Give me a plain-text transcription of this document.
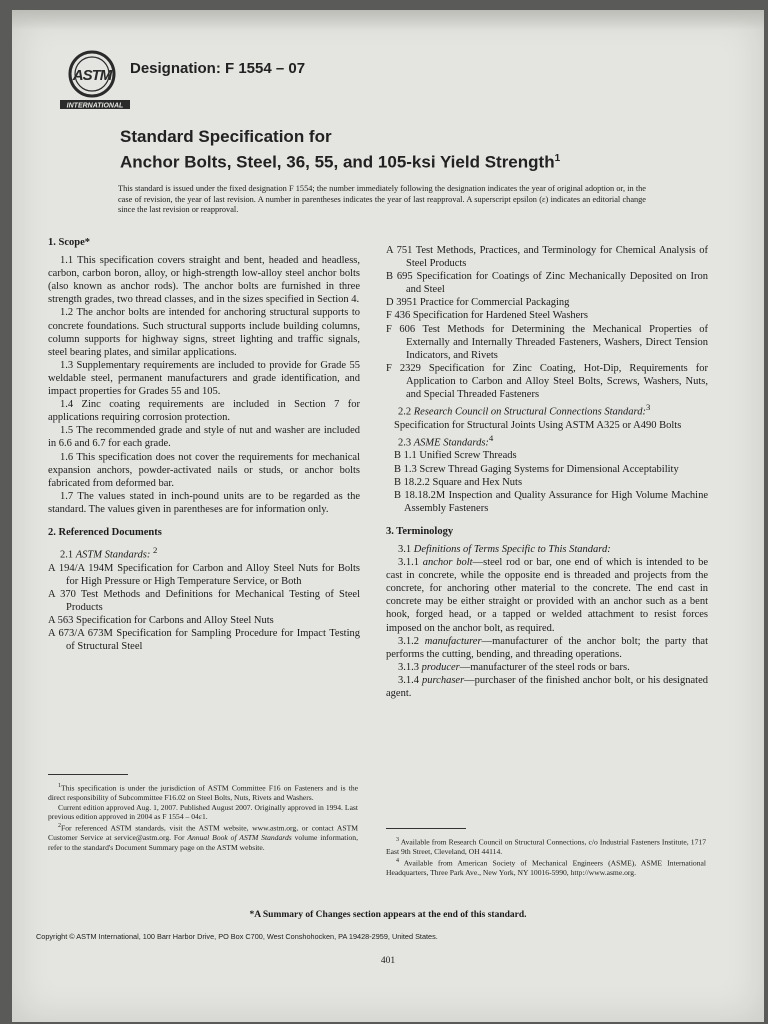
ASTM
INTERNATIONAL
Designation: F 1554 – 07
Standard Specification for
Anchor Bolts, Steel, 36, 55, and 105-ksi Yield Strength$^1$
This standard is issued under the fixed designation F 1554; the number immediately following the designation indicates the year of original adoption or, in the case of revision, the year of last revision. A number in parentheses indicates the year of last reapproval. A superscript epsilon (ε) indicates an editorial change since the last revision or reapproval.
1. Scope*

1.1 This specification covers straight and bent, headed and headless, carbon, carbon boron, alloy, or high-strength low-alloy steel anchor bolts (also known as anchor rods). The anchor bolts are furnished in three strength grades, two thread classes, and in the sizes specified in Section 4.

1.2 The anchor bolts are intended for anchoring structural supports to concrete foundations. Such structural supports include building columns, column supports for highway signs, street lighting and traffic signals, steel bearing plates, and similar applications.

1.3 Supplementary requirements are included to provide for Grade 55 weldable steel, permanent manufacturers and grade identification, and impact properties for Grades 55 and 105.

1.4 Zinc coating requirements are included in Section 7 for applications requiring corrosion protection.

1.5 The recommended grade and style of nut and washer are included in 6.6 and 6.7 for each grade.

1.6 This specification does not cover the requirements for mechanical expansion anchors, powder-activated nails or studs, or anchor bolts fabricated from deformed bar.

1.7 The values stated in inch-pound units are to be regarded as the standard. The values given in parentheses are for information only.

2. Referenced Documents

2.1 ASTM Standards: $^2$

A 194/A 194M Specification for Carbon and Alloy Steel Nuts for Bolts for High Pressure or High Temperature Service, or Both

A 370 Test Methods and Definitions for Mechanical Testing of Steel Products

A 563 Specification for Carbons and Alloy Steel Nuts

A 673/A 673M Specification for Sampling Procedure for Impact Testing of Structural Steel

A 751 Test Methods, Practices, and Terminology for Chemical Analysis of Steel Products

B 695 Specification for Coatings of Zinc Mechanically Deposited on Iron and Steel

D 3951 Practice for Commercial Packaging

F 436 Specification for Hardened Steel Washers

F 606 Test Methods for Determining the Mechanical Properties of Externally and Internally Threaded Fasteners, Washers, Direct Tension Indicators, and Rivets

F 2329 Specification for Zinc Coating, Hot-Dip, Requirements for Application to Carbon and Alloy Steel Bolts, Screws, Washers, Nuts, and Special Threaded Fasteners

2.2 Research Council on Structural Connections Standard:$^3$

Specification for Structural Joints Using ASTM A325 or A490 Bolts

2.3 ASME Standards:$^4$

B 1.1 Unified Screw Threads

B 1.3 Screw Thread Gaging Systems for Dimensional Acceptability

B 18.2.2 Square and Hex Nuts

B 18.18.2M Inspection and Quality Assurance for High Volume Machine Assembly Fasteners

3. Terminology

3.1 Definitions of Terms Specific to This Standard:

3.1.1 anchor bolt—steel rod or bar, one end of which is intended to be cast in concrete, while the opposite end is threaded and projects from the concrete, for anchoring other material to the concrete. The end cast in concrete may be either straight or provided with an anchor such as a bent hook, forged head, or a tapped or welded attachment to resist forces imposed on the anchor bolt, as required.

3.1.2 manufacturer—manufacturer of the anchor bolt; the party that performs the cutting, bending, and threading operations.

3.1.3 producer—manufacturer of the steel rods or bars.

3.1.4 purchaser—purchaser of the finished anchor bolt, or his designated agent.

$^1$This specification is under the jurisdiction of ASTM Committee F16 on Fasteners and is the direct responsibility of Subcommittee F16.02 on Steel Bolts, Nuts, Rivets and Washers.

Current edition approved Aug. 1, 2007. Published August 2007. Originally approved in 1994. Last previous edition approved in 2004 as F 1554 – 04ε1.

$^2$For referenced ASTM standards, visit the ASTM website, www.astm.org, or contact ASTM Customer Service at service@astm.org. For Annual Book of ASTM Standards volume information, refer to the standard's Document Summary page on the ASTM website.

$^3$ Available from Research Council on Structural Connections, c/o Industrial Fasteners Institute, 1717 East 9th Street, Cleveland, OH 44114.

$^4$ Available from American Society of Mechanical Engineers (ASME), ASME International Headquarters, Three Park Ave., New York, NY 10016-5990, http://www.asme.org.

*A Summary of Changes section appears at the end of this standard.
Copyright © ASTM International, 100 Barr Harbor Drive, PO Box C700, West Conshohocken, PA 19428-2959, United States.
401
